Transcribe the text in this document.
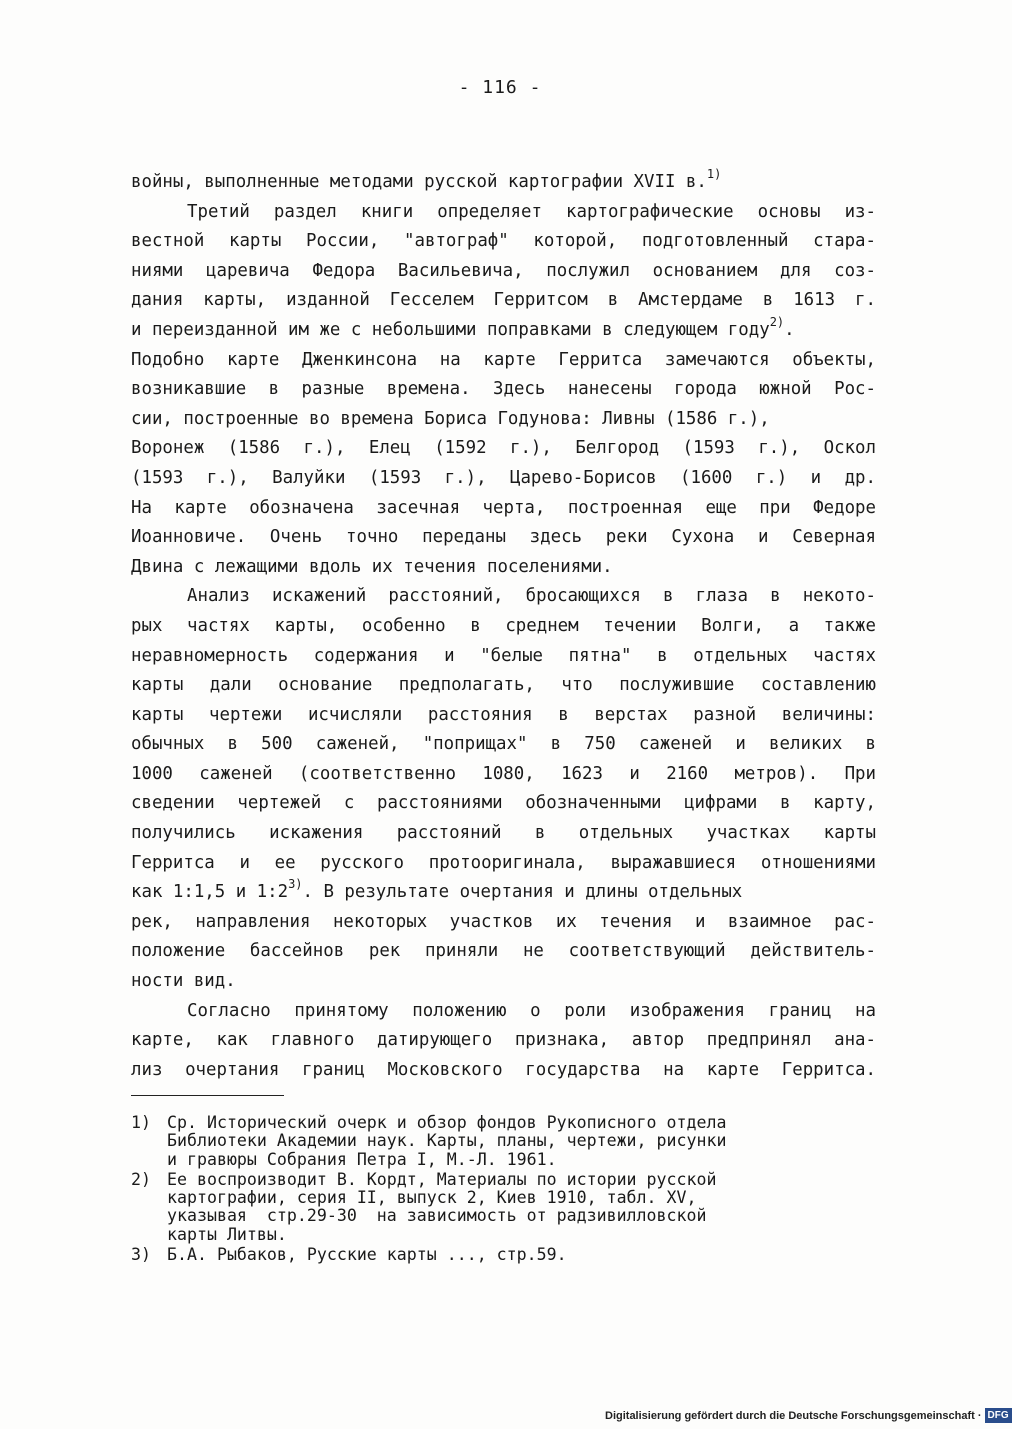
- 116 -
войны, выполненные методами русской картографии XVII в.$^{1)}$
Третий раздел книги определяет картографические основы из-
вестной карты России, "автограф" которой, подготовленный стара-
ниями царевича Федора Васильевича, послужил основанием для соз-
дания карты, изданной Гесселем Герритсом в Амстердаме в 1613 г.
и переизданной им же с небольшими поправками в следующем году$^{2)}$.
Подобно карте Дженкинсона на карте Герритса замечаются объекты,
возникавшие в разные времена. Здесь нанесены города южной Рос-
сии, построенные во времена Бориса Годунова: Ливны (1586 г.),
Воронеж (1586 г.), Елец (1592 г.), Белгород (1593 г.), Оскол
(1593 г.), Валуйки (1593 г.), Царево-Борисов (1600 г.) и др.
На карте обозначена засечная черта, построенная еще при Федоре
Иоанновиче. Очень точно переданы здесь реки Сухона и Северная
Двина с лежащими вдоль их течения поселениями.
Анализ искажений расстояний, бросающихся в глаза в некото-
рых частях карты, особенно в среднем течении Волги, а также
неравномерность содержания и "белые пятна" в отдельных частях
карты дали основание предполагать, что послужившие составлению
карты чертежи исчисляли расстояния в верстах разной величины:
обычных в 500 саженей, "поприщах" в 750 саженей и великих в
1000 саженей (соответственно 1080, 1623 и 2160 метров). При
сведении чертежей с расстояниями обозначенными цифрами в карту,
получились искажения расстояний в отдельных участках карты
Герритса и ее русского протооригинала, выражавшиеся отношениями
как 1:1,5 и 1:2$^{3)}$. В результате очертания и длины отдельных
рек, направления некоторых участков их течения и взаимное рас-
положение бассейнов рек приняли не соответствующий действитель-
ности вид.
Согласно принятому положению о роли изображения границ на
карте, как главного датирующего признака, автор предпринял ана-
лиз очертания границ Московского государства на карте Герритса.
1) Ср. Исторический очерк и обзор фондов Рукописного отдела
Библиотеки Академии наук. Карты, планы, чертежи, рисунки
и гравюры Собрания Петра I, М.-Л. 1961.
2) Ее воспроизводит В. Кордт, Материалы по истории русской
картографии, серия II, выпуск 2, Киев 1910, табл. XV,
указывая  стр.29-30  на зависимость от радзивилловской
карты Литвы.
3) Б.А. Рыбаков, Русские карты ..., стр.59.
Digitalisierung gefördert durch die Deutsche Forschungsgemeinschaft · DFG
